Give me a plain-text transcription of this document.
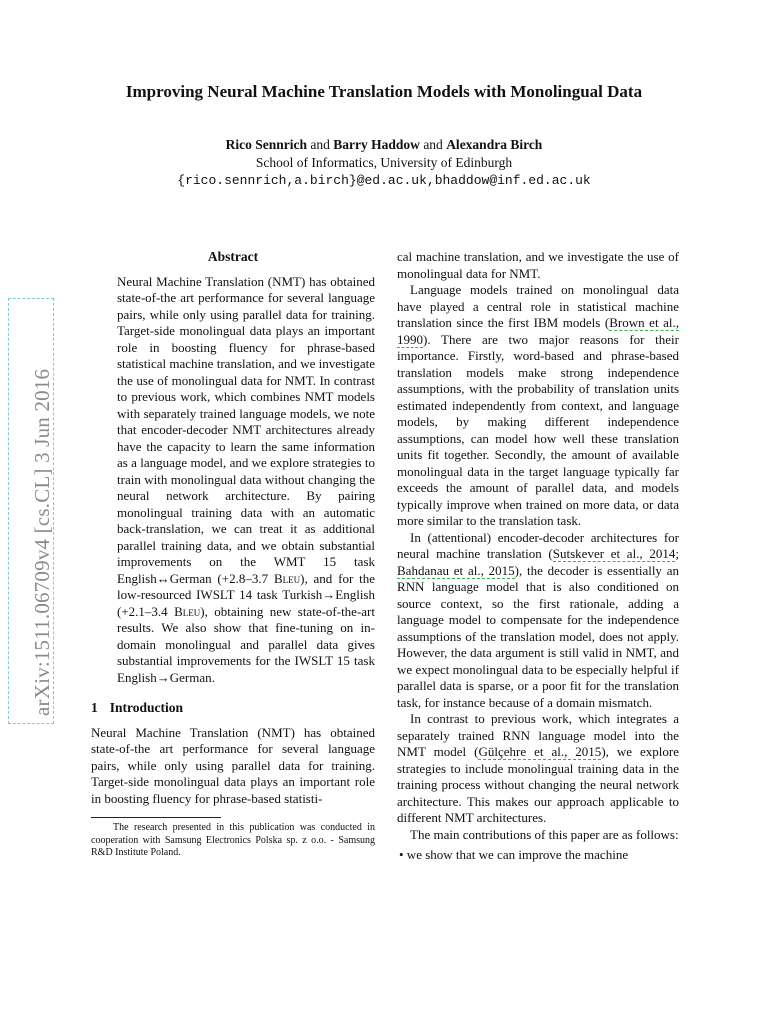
Improving Neural Machine Translation Models with Monolingual Data
Rico Sennrich and Barry Haddow and Alexandra Birch
School of Informatics, University of Edinburgh
{rico.sennrich,a.birch}@ed.ac.uk,bhaddow@inf.ed.ac.uk
arXiv:1511.06709v4 [cs.CL] 3 Jun 2016
Abstract

Neural Machine Translation (NMT) has obtained state-of-the art performance for several language pairs, while only using parallel data for training. Target-side monolingual data plays an important role in boosting fluency for phrase-based statistical machine translation, and we investigate the use of monolingual data for NMT. In contrast to previous work, which combines NMT models with separately trained language models, we note that encoder-decoder NMT architectures already have the capacity to learn the same information as a language model, and we explore strategies to train with monolingual data without changing the neural network architecture. By pairing monolingual training data with an automatic back-translation, we can treat it as additional parallel training data, and we obtain substantial improvements on the WMT 15 task English↔German (+2.8–3.7 Bleu), and for the low-resourced IWSLT 14 task Turkish→English (+2.1–3.4 Bleu), obtaining new state-of-the-art results. We also show that fine-tuning on in-domain monolingual and parallel data gives substantial improvements for the IWSLT 15 task English→German.

1 Introduction

Neural Machine Translation (NMT) has obtained state-of-the art performance for several language pairs, while only using parallel data for training. Target-side monolingual data plays an important role in boosting fluency for phrase-based statisti-

The research presented in this publication was conducted in cooperation with Samsung Electronics Polska sp. z o.o. - Samsung R&D Institute Poland.

cal machine translation, and we investigate the use of monolingual data for NMT.

Language models trained on monolingual data have played a central role in statistical machine translation since the first IBM models (Brown et al., 1990). There are two major reasons for their importance. Firstly, word-based and phrase-based translation models make strong independence assumptions, with the probability of translation units estimated independently from context, and language models, by making different independence assumptions, can model how well these translation units fit together. Secondly, the amount of available monolingual data in the target language typically far exceeds the amount of parallel data, and models typically improve when trained on more data, or data more similar to the translation task.

In (attentional) encoder-decoder architectures for neural machine translation (Sutskever et al., 2014; Bahdanau et al., 2015), the decoder is essentially an RNN language model that is also conditioned on source context, so the first rationale, adding a language model to compensate for the independence assumptions of the translation model, does not apply. However, the data argument is still valid in NMT, and we expect monolingual data to be especially helpful if parallel data is sparse, or a poor fit for the translation task, for instance because of a domain mismatch.

In contrast to previous work, which integrates a separately trained RNN language model into the NMT model (Gülçehre et al., 2015), we explore strategies to include monolingual training data in the training process without changing the neural network architecture. This makes our approach applicable to different NMT architectures.

The main contributions of this paper are as follows:

• we show that we can improve the machine
